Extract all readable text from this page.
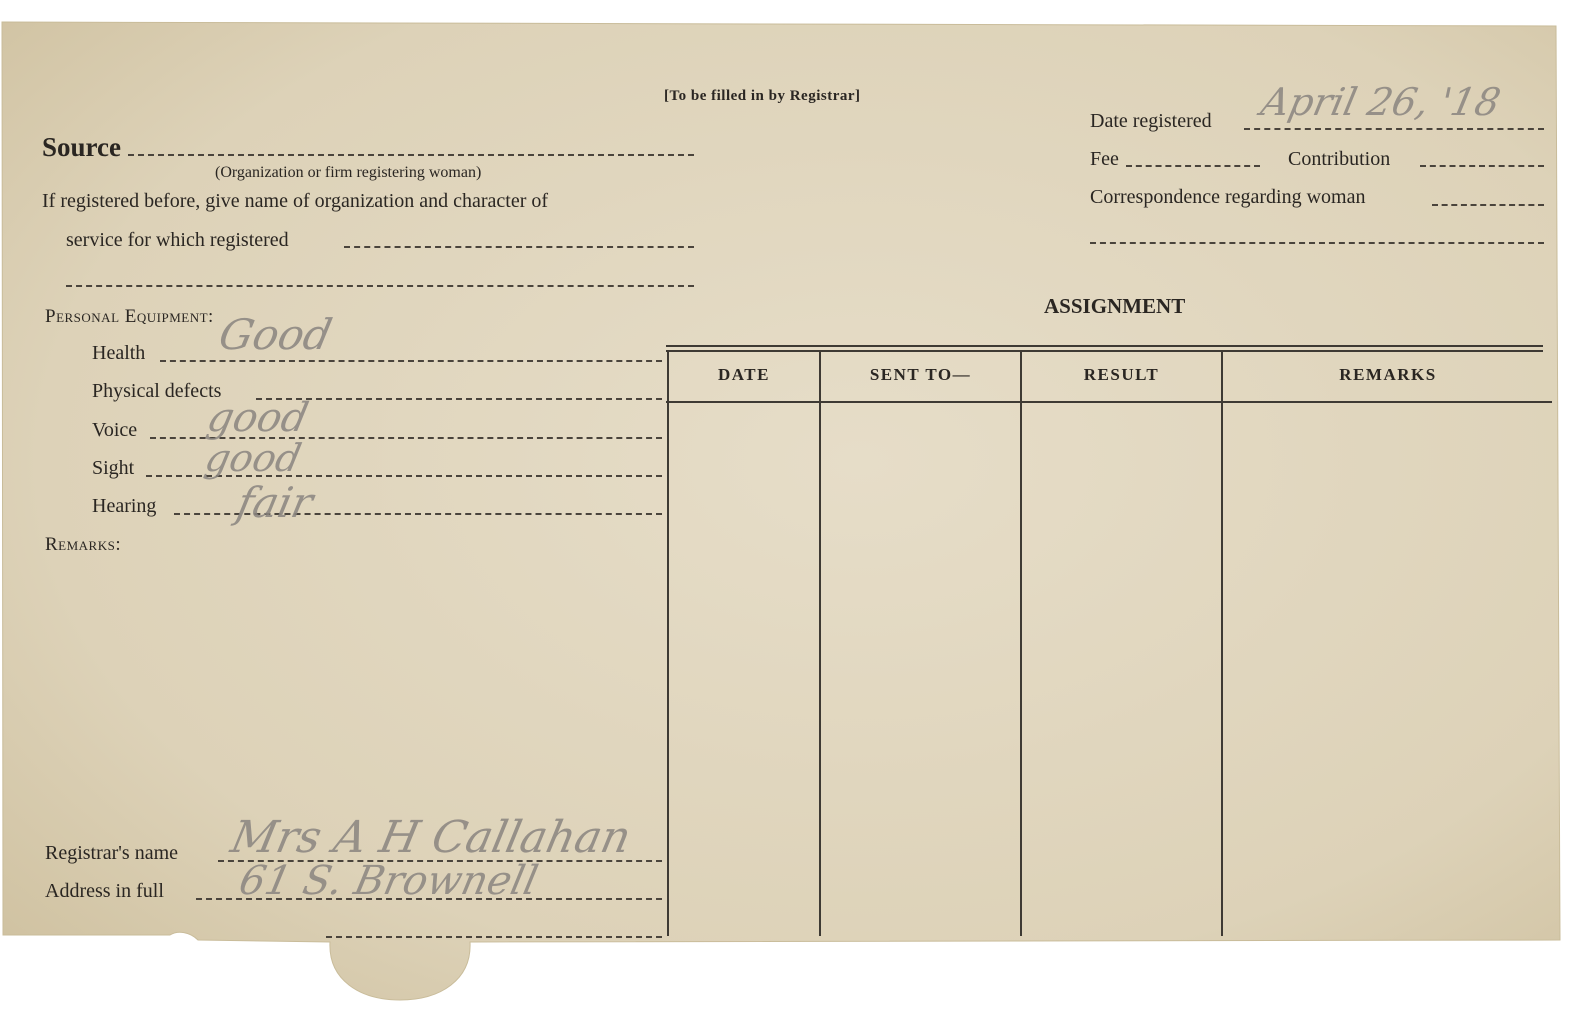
[To be filled in by Registrar]
Source
(Organization or firm registering woman)
If registered before, give name of organization and character of
service for which registered
Date registered April 26, '18
Fee	Contribution
Correspondence regarding woman
Personal Equipment:
Health Good
Physical defects
Voice good
Sight good
Hearing fair
Remarks:
Registrar's name Mrs A H Callahan
Address in full 61 S. Brownell
ASSIGNMENT
DATE	SENT TO—	RESULT	REMARKS
